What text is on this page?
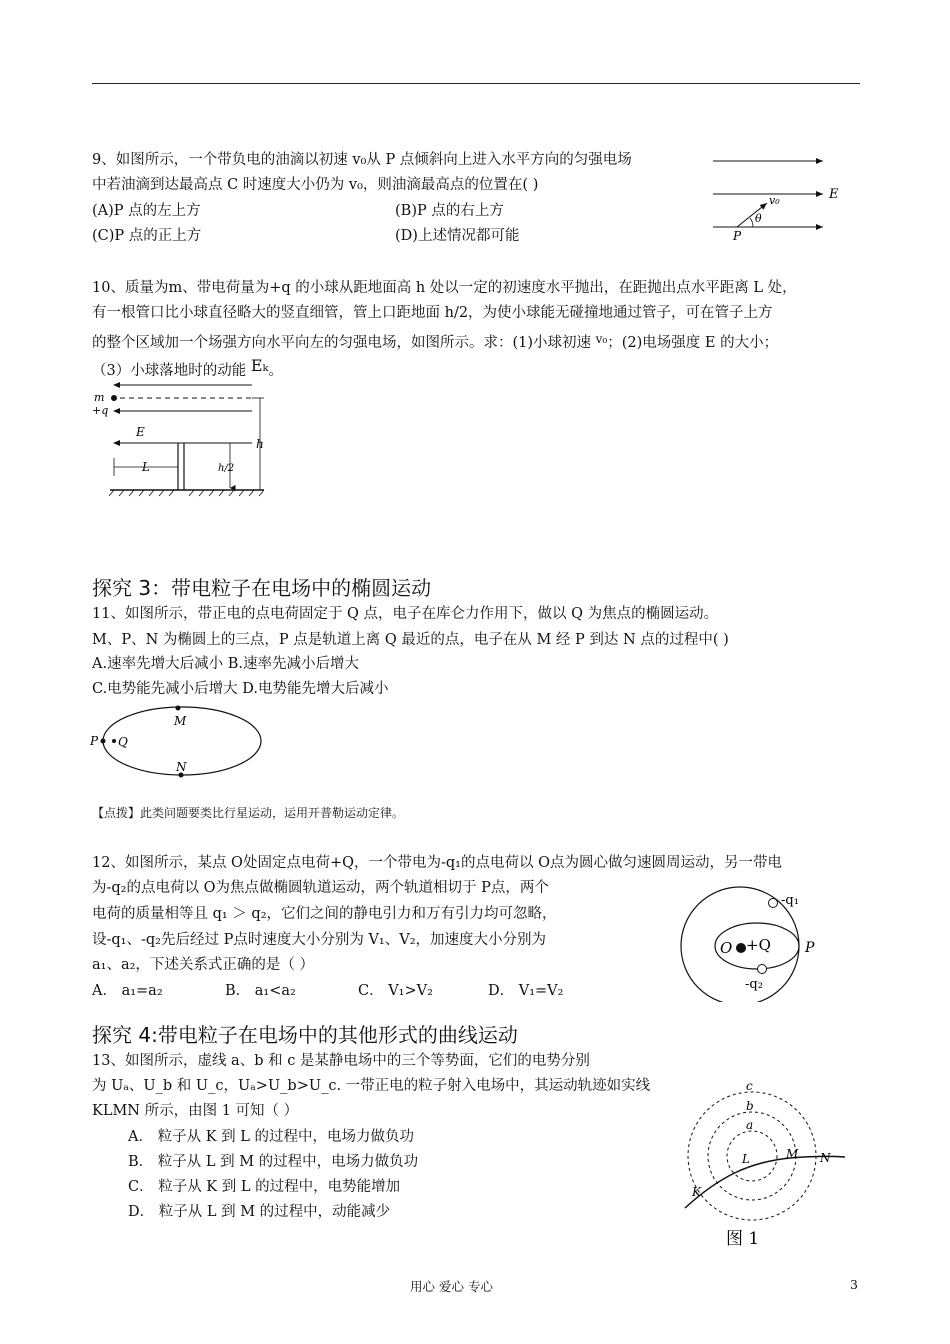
9、如图所示，一个带负电的油滴以初速 v₀从 P 点倾斜向上进入水平方向的匀强电场
中若油滴到达最高点 C 时速度大小仍为 v₀，则油滴最高点的位置在( )
(A)P 点的左上方	(B)P 点的右上方
(C)P 点的正上方	(D)上述情况都可能
E
v₀
θ
P
10、质量为m、带电荷量为+q 的小球从距地面高 h 处以一定的初速度水平抛出，在距抛出点水平距离 L 处，
有一根管口比小球直径略大的竖直细管，管上口距地面 h/2，为使小球能无碰撞地通过管子，可在管子上方
的整个区域加一个场强方向水平向左的匀强电场，如图所示。求：(1)小球初速 $^{v_0}$；(2)电场强度 E 的大小；
（3）小球落地时的动能 Eₖ。
m
+q
E
L
h
h/2
探究 3：带电粒子在电场中的椭圆运动
11、如图所示，带正电的点电荷固定于 Q 点，电子在库仑力作用下，做以 Q 为焦点的椭圆运动。
M、P、N 为椭圆上的三点，P 点是轨道上离 Q 最近的点，电子在从 M 经 P 到达 N 点的过程中( )
A.速率先增大后减小 B.速率先减小后增大
C.电势能先减小后增大 D.电势能先增大后减小
M
P Q
N
【点拨】此类问题要类比行星运动，运用开普勒运动定律。
12、如图所示，某点 O处固定点电荷+Q，一个带电为-q₁的点电荷以 O点为圆心做匀速圆周运动，另一带电
为-q₂的点电荷以 O为焦点做椭圆轨道运动，两个轨道相切于 P点，两个
电荷的质量相等且 q₁ ＞ q₂，它们之间的静电引力和万有引力均可忽略，
设-q₁、-q₂先后经过 P点时速度大小分别为 V₁、V₂，加速度大小分别为
a₁、a₂，下述关系式正确的是（ ）
A． a₁=a₂	B． a₁<a₂	C． V₁>V₂	D． V₁=V₂
-q₁
-q₂
O +Q P
探究 4:带电粒子在电场中的其他形式的曲线运动
13、如图所示，虚线 a、b 和 c 是某静电场中的三个等势面，它们的电势分别
为 Uₐ、U_b 和 U_c，Uₐ>U_b>U_c. 一带正电的粒子射入电场中，其运动轨迹如实线
KLMN 所示，由图 1 可知（ ）
A． 粒子从 K 到 L 的过程中，电场力做负功
B． 粒子从 L 到 M 的过程中，电场力做负功
C． 粒子从 K 到 L 的过程中，电势能增加
D． 粒子从 L 到 M 的过程中，动能减少
c
b
a
K
L	M N
图 1
用心 爱心 专心	3
